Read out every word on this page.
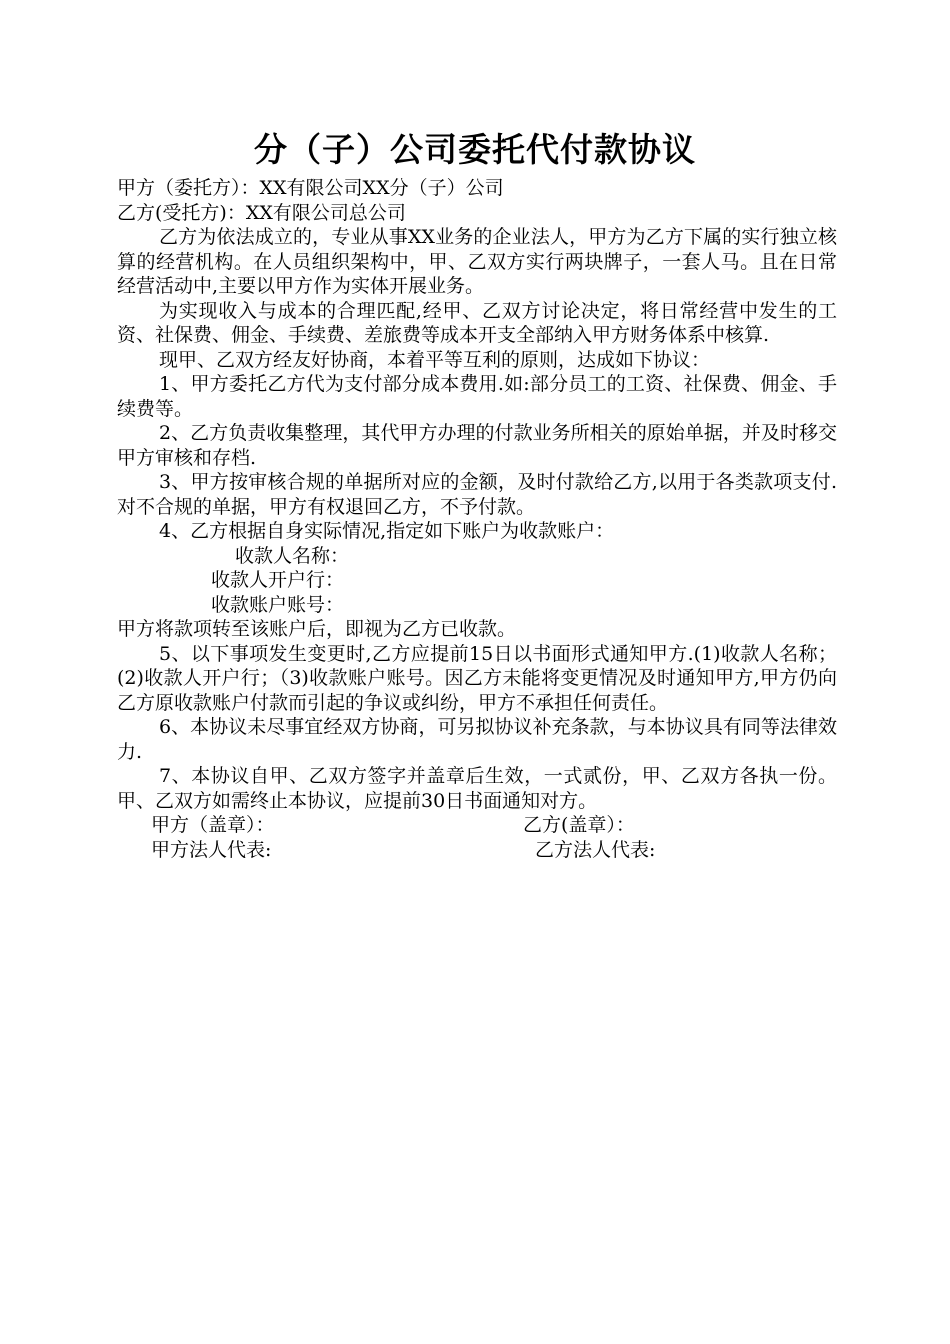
分（子）公司委托代付款协议

甲方（委托方）：XX有限公司XX分（子）公司

乙方(受托方)：XX有限公司总公司

乙方为依法成立的，专业从事XX业务的企业法人，甲方为乙方下属的实行独立核算的经营机构。在人员组织架构中，甲、乙双方实行两块牌子，一套人马。且在日常经营活动中,主要以甲方作为实体开展业务。

为实现收入与成本的合理匹配,经甲、乙双方讨论决定，将日常经营中发生的工资、社保费、佣金、手续费、差旅费等成本开支全部纳入甲方财务体系中核算.

现甲、乙双方经友好协商，本着平等互利的原则，达成如下协议：

1、甲方委托乙方代为支付部分成本费用.如:部分员工的工资、社保费、佣金、手续费等。

2、乙方负责收集整理，其代甲方办理的付款业务所相关的原始单据，并及时移交甲方审核和存档.

3、甲方按审核合规的单据所对应的金额，及时付款给乙方,以用于各类款项支付.对不合规的单据，甲方有权退回乙方，不予付款。

4、乙方根据自身实际情况,指定如下账户为收款账户：

收款人名称：

收款人开户行：

收款账户账号：

甲方将款项转至该账户后，即视为乙方已收款。

5、以下事项发生变更时,乙方应提前15日以书面形式通知甲方.(1)收款人名称；(2)收款人开户行；（3)收款账户账号。因乙方未能将变更情况及时通知甲方,甲方仍向乙方原收款账户付款而引起的争议或纠纷，甲方不承担任何责任。

6、本协议未尽事宜经双方协商，可另拟协议补充条款，与本协议具有同等法律效力.

7、本协议自甲、乙双方签字并盖章后生效，一式贰份，甲、乙双方各执一份。甲、乙双方如需终止本协议，应提前30日书面通知对方。

甲方（盖章）：	乙方(盖章）：
甲方法人代表:	乙方法人代表:
